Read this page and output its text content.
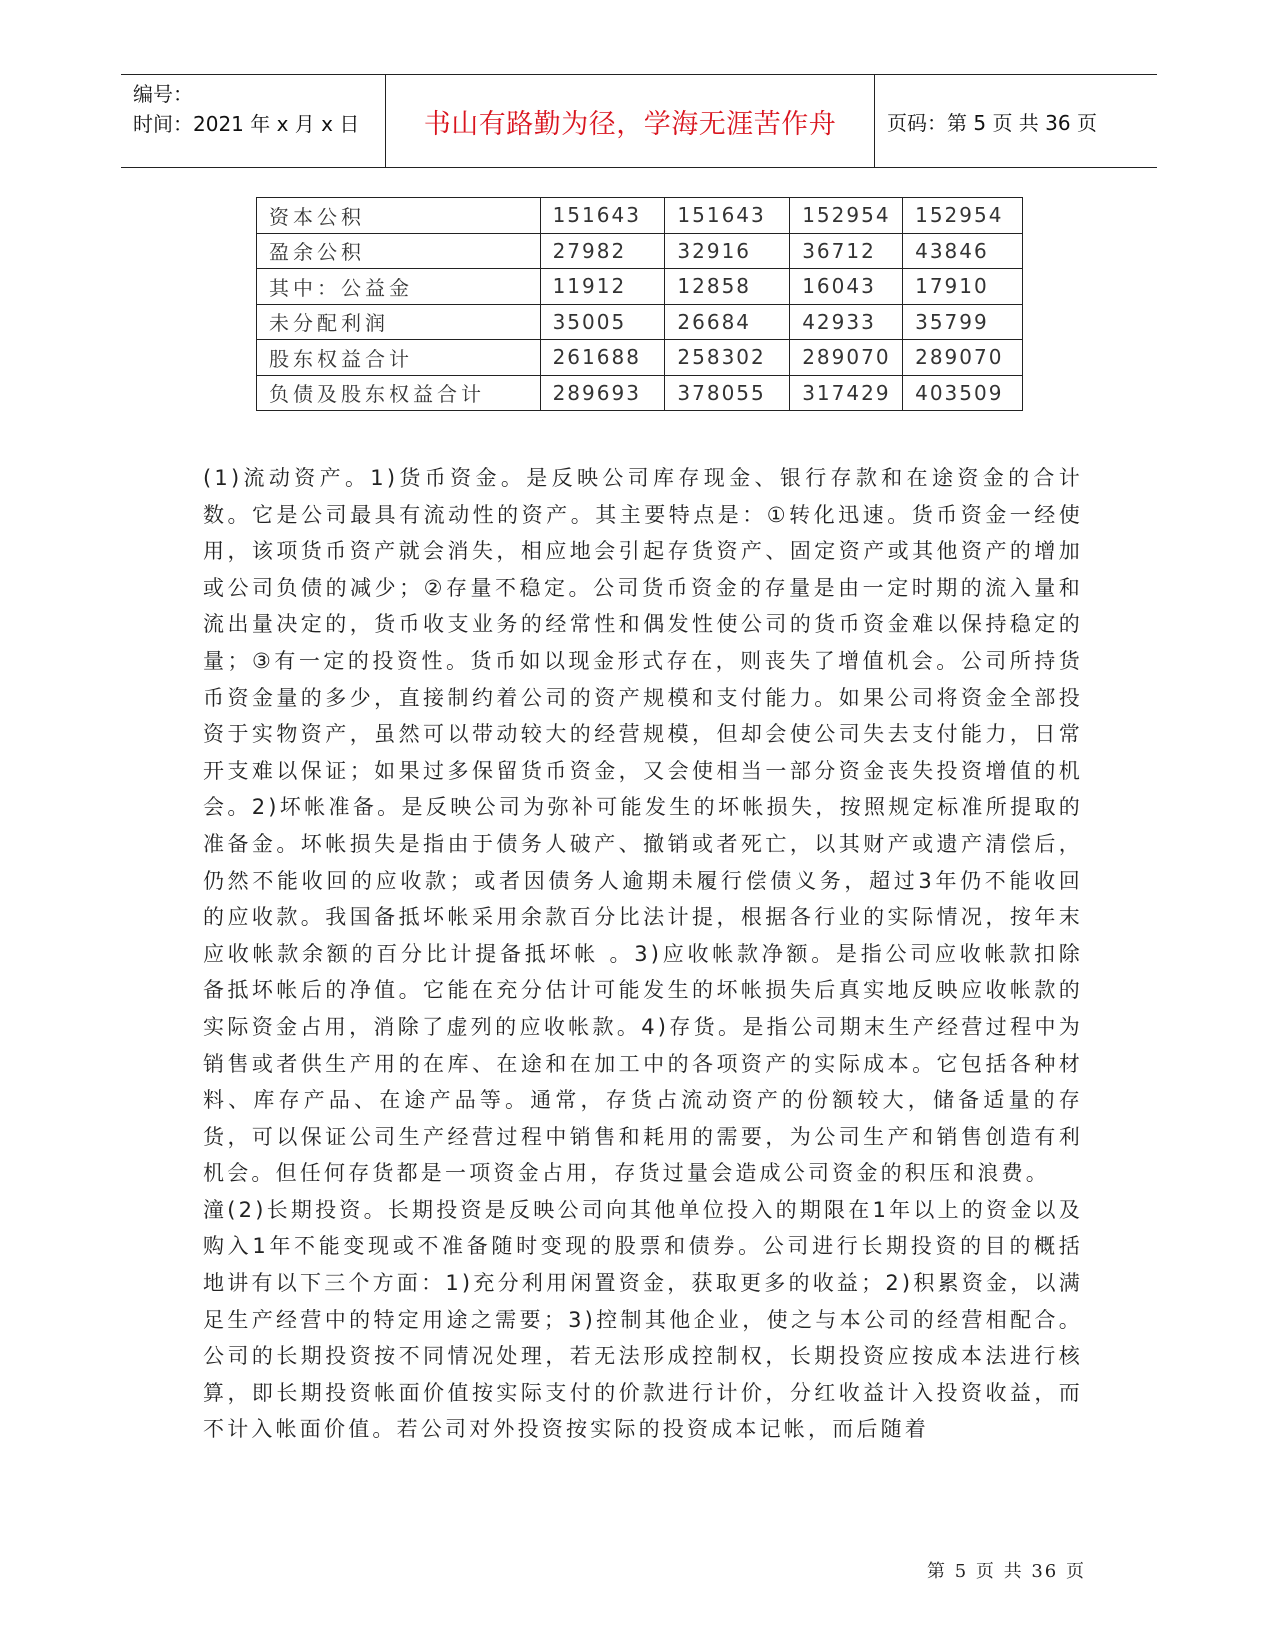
编号：
时间：2021 年 x 月 x 日	书山有路勤为径，学海无涯苦作舟	页码：第 5 页 共 36 页
资本公积	151643	151643	152954	152954
盈余公积	27982	32916	36712	43846
其中：公益金	11912	12858	16043	17910
未分配利润	35005	26684	42933	35799
股东权益合计	261688	258302	289070	289070
负债及股东权益合计	289693	378055	317429	403509

(1)流动资产。1)货币资金。是反映公司库存现金、银行存款和在途资金的合计数。它是公司最具有流动性的资产。其主要特点是：①转化迅速。货币资金一经使用，该项货币资产就会消失，相应地会引起存货资产、固定资产或其他资产的增加或公司负债的减少；②存量不稳定。公司货币资金的存量是由一定时期的流入量和流出量决定的，货币收支业务的经常性和偶发性使公司的货币资金难以保持稳定的量；③有一定的投资性。货币如以现金形式存在，则丧失了增值机会。公司所持货币资金量的多少，直接制约着公司的资产规模和支付能力。如果公司将资金全部投资于实物资产，虽然可以带动较大的经营规模，但却会使公司失去支付能力，日常开支难以保证；如果过多保留货币资金，又会使相当一部分资金丧失投资增值的机会。2)坏帐准备。是反映公司为弥补可能发生的坏帐损失，按照规定标准所提取的准备金。坏帐损失是指由于债务人破产、撤销或者死亡，以其财产或遗产清偿后，仍然不能收回的应收款；或者因债务人逾期未履行偿债义务，超过3年仍不能收回的应收款。我国备抵坏帐采用余款百分比法计提，根据各行业的实际情况，按年末应收帐款余额的百分比计提备抵坏帐 。3)应收帐款净额。是指公司应收帐款扣除备抵坏帐后的净值。它能在充分估计可能发生的坏帐损失后真实地反映应收帐款的实际资金占用，消除了虚列的应收帐款。4)存货。是指公司期末生产经营过程中为销售或者供生产用的在库、在途和在加工中的各项资产的实际成本。它包括各种材料、库存产品、在途产品等。通常，存货占流动资产的份额较大，储备适量的存货，可以保证公司生产经营过程中销售和耗用的需要，为公司生产和销售创造有利机会。但任何存货都是一项资金占用，存货过量会造成公司资金的积压和浪费。

潼(2)长期投资。长期投资是反映公司向其他单位投入的期限在1年以上的资金以及购入1年不能变现或不准备随时变现的股票和债券。公司进行长期投资的目的概括地讲有以下三个方面：1)充分利用闲置资金，获取更多的收益；2)积累资金，以满足生产经营中的特定用途之需要；3)控制其他企业，使之与本公司的经营相配合。公司的长期投资按不同情况处理，若无法形成控制权，长期投资应按成本法进行核算，即长期投资帐面价值按实际支付的价款进行计价，分红收益计入投资收益，而不计入帐面价值。若公司对外投资按实际的投资成本记帐，而后随着

第 5 页 共 36 页
